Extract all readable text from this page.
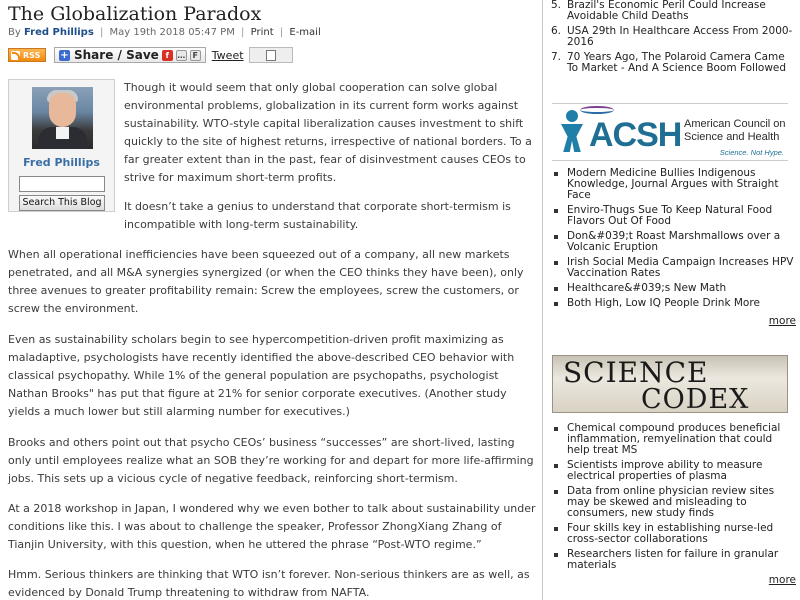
The Globalization Paradox
By Fred Phillips | May 19th 2018 05:47 PM | Print | E-mail
RSS + Share / Save f	… F Tweet
Fred Phillips
Search This Blog

Though it would seem that only global cooperation can solve global environmental problems, globalization in its current form works against sustainability. WTO-style capital liberalization causes investment to shift quickly to the site of highest returns, irrespective of national borders. To a far greater extent than in the past, fear of disinvestment causes CEOs to strive for maximum short-term profits.

It doesn’t take a genius to understand that corporate short-termism is incompatible with long-term sustainability.

When all operational inefficiencies have been squeezed out of a company, all new markets penetrated, and all M&A synergies synergized (or when the CEO thinks they have been), only three avenues to greater profitability remain: Screw the employees, screw the customers, or screw the environment.

Even as sustainability scholars begin to see hypercompetition-driven profit maximizing as maladaptive, psychologists have recently identified the above-described CEO behavior with classical psychopathy. While 1% of the general population are psychopaths, psychologist Nathan Brooks" has put that figure at 21% for senior corporate executives. (Another study yields a much lower but still alarming number for executives.)

Brooks and others point out that psycho CEOs’ business “successes” are short-lived, lasting only until employees realize what an SOB they’re working for and depart for more life-affirming jobs. This sets up a vicious cycle of negative feedback, reinforcing short-termism.

At a 2018 workshop in Japan, I wondered why we even bother to talk about sustainability under conditions like this. I was about to challenge the speaker, Professor ZhongXiang Zhang of Tianjin University, with this question, when he uttered the phrase “Post-WTO regime.”

Hmm. Serious thinkers are thinking that WTO isn’t forever. Non-serious thinkers are as well, as evidenced by Donald Trump threatening to withdraw from NAFTA.

5. Brazil's Economic Peril Could Increase Avoidable Child Deaths
6. USA 29th In Healthcare Access From 2000-2016
7. 70 Years Ago, The Polaroid Camera Came To Market - And A Science Boom Followed
ACSH American Council on Science and Health
Science. Not Hype.
Modern Medicine Bullies Indigenous Knowledge, Journal Argues with Straight Face
Enviro-Thugs Sue To Keep Natural Food Flavors Out Of Food
Don&#039;t Roast Marshmallows over a Volcanic Eruption
Irish Social Media Campaign Increases HPV Vaccination Rates
Healthcare&#039;s New Math
Both High, Low IQ People Drink More
more
SCIENCE
CODEX
Chemical compound produces beneficial inflammation, remyelination that could help treat MS
Scientists improve ability to measure electrical properties of plasma
Data from online physician review sites may be skewed and misleading to consumers, new study finds
Four skills key in establishing nurse-led cross-sector collaborations
Researchers listen for failure in granular materials
more
